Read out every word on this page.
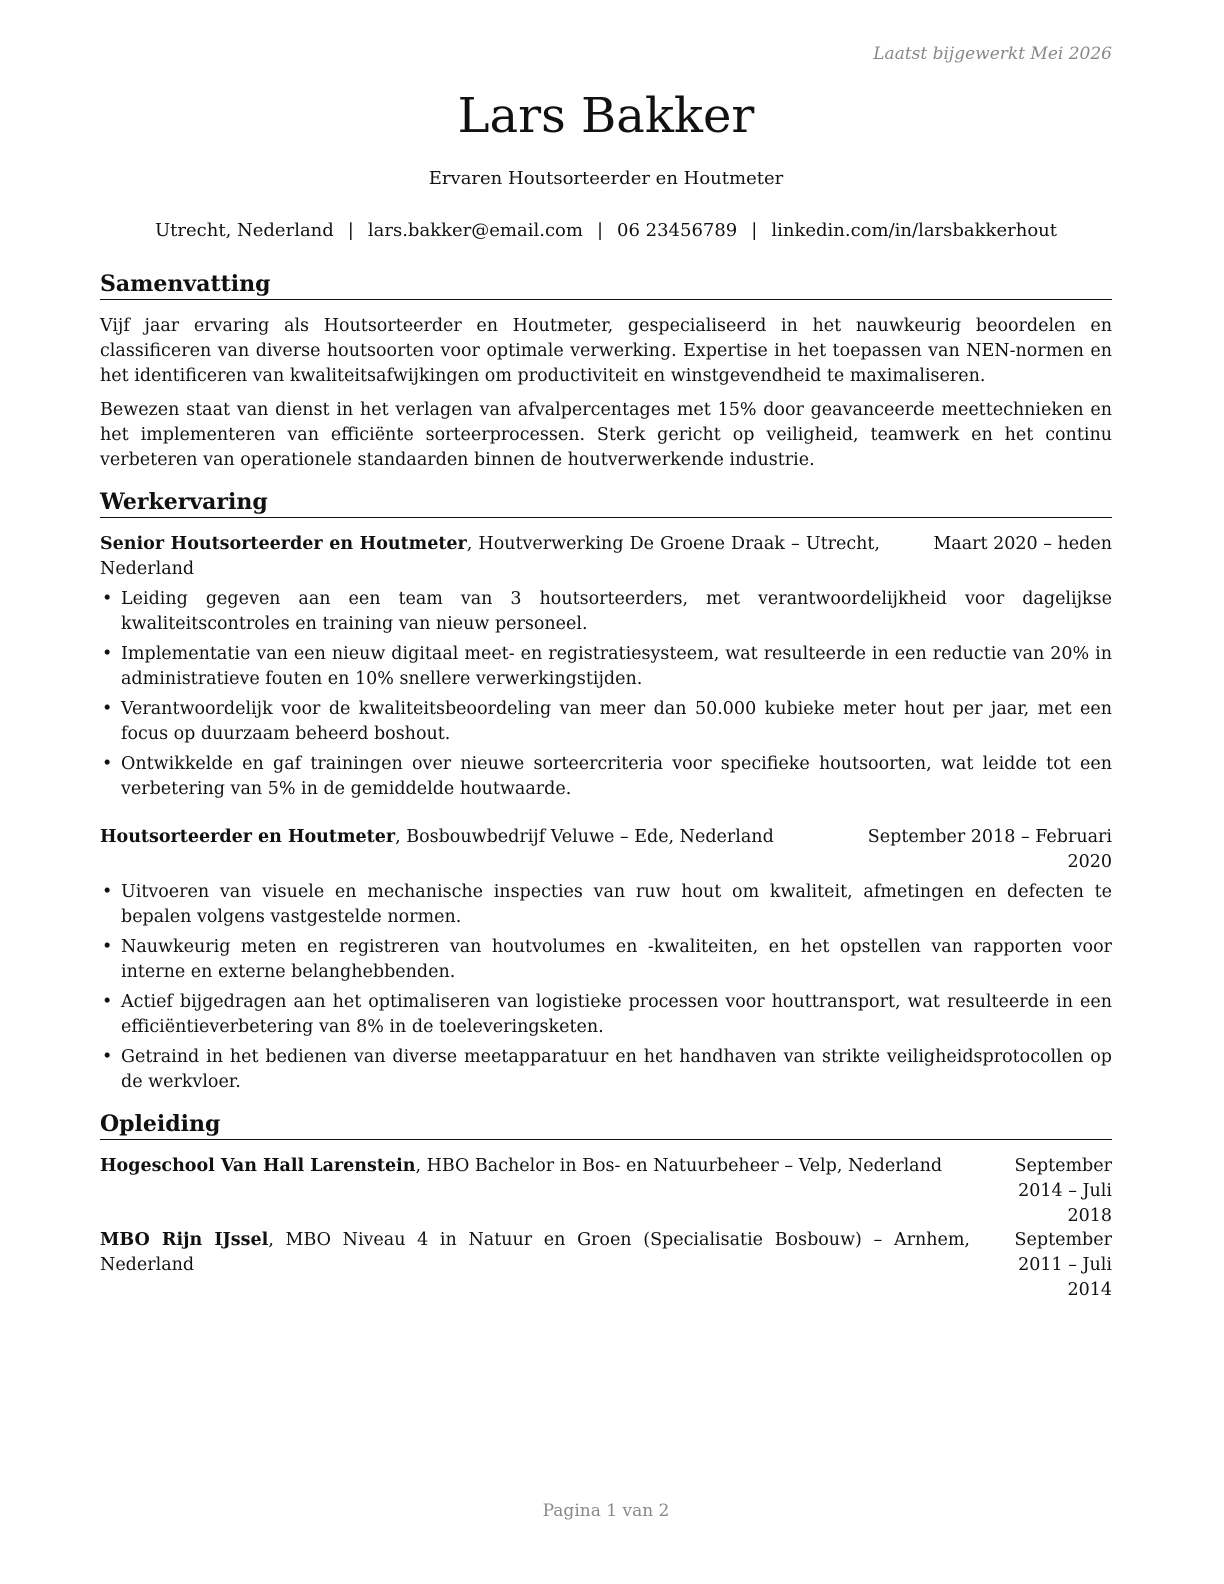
Laatst bijgewerkt Mei 2026
Lars Bakker
Ervaren Houtsorteerder en Houtmeter
Utrecht, Nederland | lars.bakker@email.com | 06 23456789 | linkedin.com/in/larsbakkerhout
Samenvatting

Vijf jaar ervaring als Houtsorteerder en Houtmeter, gespecialiseerd in het nauwkeurig beoordelen en classificeren van diverse houtsoorten voor optimale verwerking. Expertise in het toepassen van NEN-normen en het identificeren van kwaliteitsafwijkingen om productiviteit en winstgevendheid te maximaliseren.

Bewezen staat van dienst in het verlagen van afvalpercentages met 15% door geavanceerde meettechnieken en het implementeren van efficiënte sorteerprocessen. Sterk gericht op veiligheid, teamwerk en het continu verbeteren van operationele standaarden binnen de houtverwerkende industrie.

Werkervaring
Senior Houtsorteerder en Houtmeter, Houtverwerking De Groene Draak – Utrecht, Nederland
Maart 2020 – heden
• Leiding gegeven aan een team van 3 houtsorteerders, met verantwoordelijkheid voor dagelijkse kwaliteitscontroles en training van nieuw personeel.
• Implementatie van een nieuw digitaal meet- en registratiesysteem, wat resulteerde in een reductie van 20% in administratieve fouten en 10% snellere verwerkingstijden.
• Verantwoordelijk voor de kwaliteitsbeoordeling van meer dan 50.000 kubieke meter hout per jaar, met een focus op duurzaam beheerd boshout.
• Ontwikkelde en gaf trainingen over nieuwe sorteercriteria voor specifieke houtsoorten, wat leidde tot een verbetering van 5% in de gemiddelde houtwaarde.
Houtsorteerder en Houtmeter, Bosbouwbedrijf Veluwe – Ede, Nederland	September 2018 – Februari 2020
• Uitvoeren van visuele en mechanische inspecties van ruw hout om kwaliteit, afmetingen en defecten te bepalen volgens vastgestelde normen.
• Nauwkeurig meten en registreren van houtvolumes en -kwaliteiten, en het opstellen van rapporten voor interne en externe belanghebbenden.
• Actief bijgedragen aan het optimaliseren van logistieke processen voor houttransport, wat resulteerde in een efficiëntieverbetering van 8% in de toeleveringsketen.
• Getraind in het bedienen van diverse meetapparatuur en het handhaven van strikte veiligheidsprotocollen op de werkvloer.
Opleiding
Hogeschool Van Hall Larenstein, HBO Bachelor in Bos- en Natuurbeheer – Velp, Nederland	September 2014 – Juli 2018
MBO Rijn IJssel, MBO Niveau 4 in Natuur en Groen (Specialisatie Bosbouw) – Arnhem, Nederland
September 2011 – Juli 2014
Pagina 1 van 2
